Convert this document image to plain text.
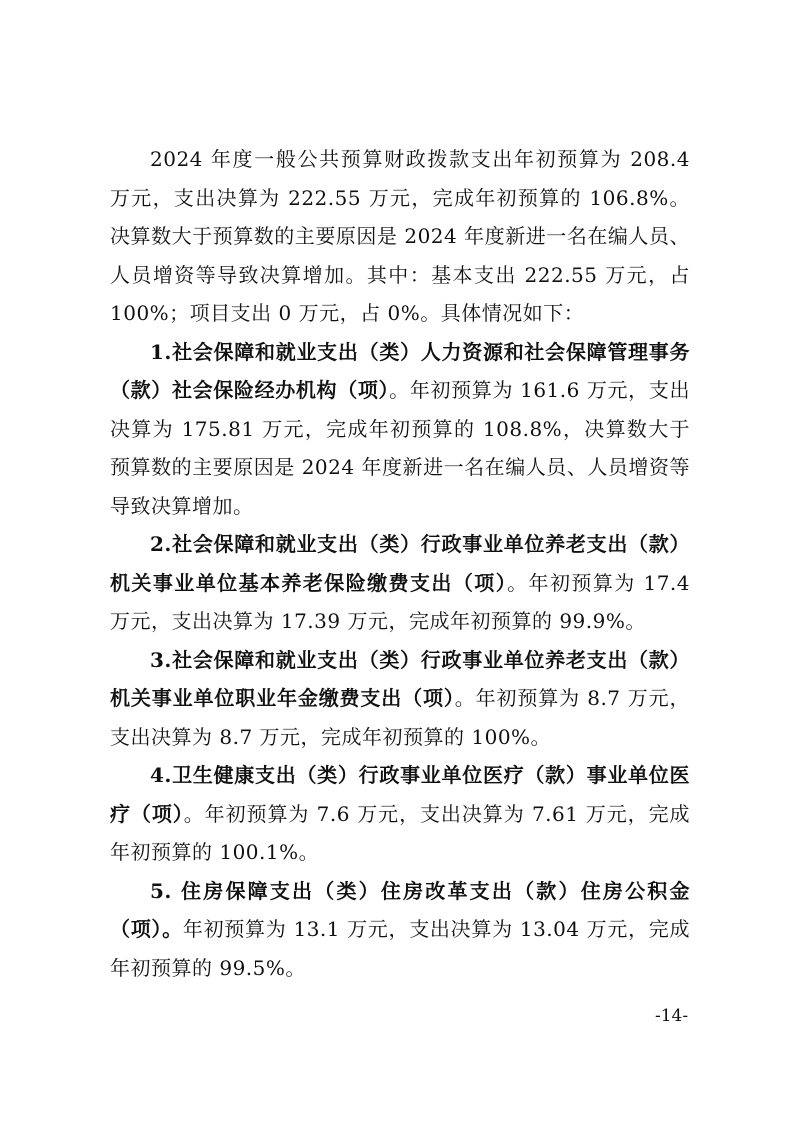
2024 年度一般公共预算财政拨款支出年初预算为 208.4 万元，支出决算为 222.55 万元，完成年初预算的 106.8%。决算数大于预算数的主要原因是 2024 年度新进一名在编人员、人员增资等导致决算增加。其中：基本支出 222.55 万元，占 100%；项目支出 0 万元，占 0%。具体情况如下：

1.社会保障和就业支出（类）人力资源和社会保障管理事务（款）社会保险经办机构（项）。年初预算为 161.6 万元，支出决算为 175.81 万元，完成年初预算的 108.8%，决算数大于预算数的主要原因是 2024 年度新进一名在编人员、人员增资等导致决算增加。

2.社会保障和就业支出（类）行政事业单位养老支出（款）机关事业单位基本养老保险缴费支出（项）。年初预算为 17.4 万元，支出决算为 17.39 万元，完成年初预算的 99.9%。

3.社会保障和就业支出（类）行政事业单位养老支出（款）机关事业单位职业年金缴费支出（项）。年初预算为 8.7 万元，支出决算为 8.7 万元，完成年初预算的 100%。

4.卫生健康支出（类）行政事业单位医疗（款）事业单位医疗（项）。年初预算为 7.6 万元，支出决算为 7.61 万元，完成年初预算的 100.1%。

5. 住房保障支出（类）住房改革支出（款）住房公积金（项）。年初预算为 13.1 万元，支出决算为 13.04 万元，完成年初预算的 99.5%。

-14-
